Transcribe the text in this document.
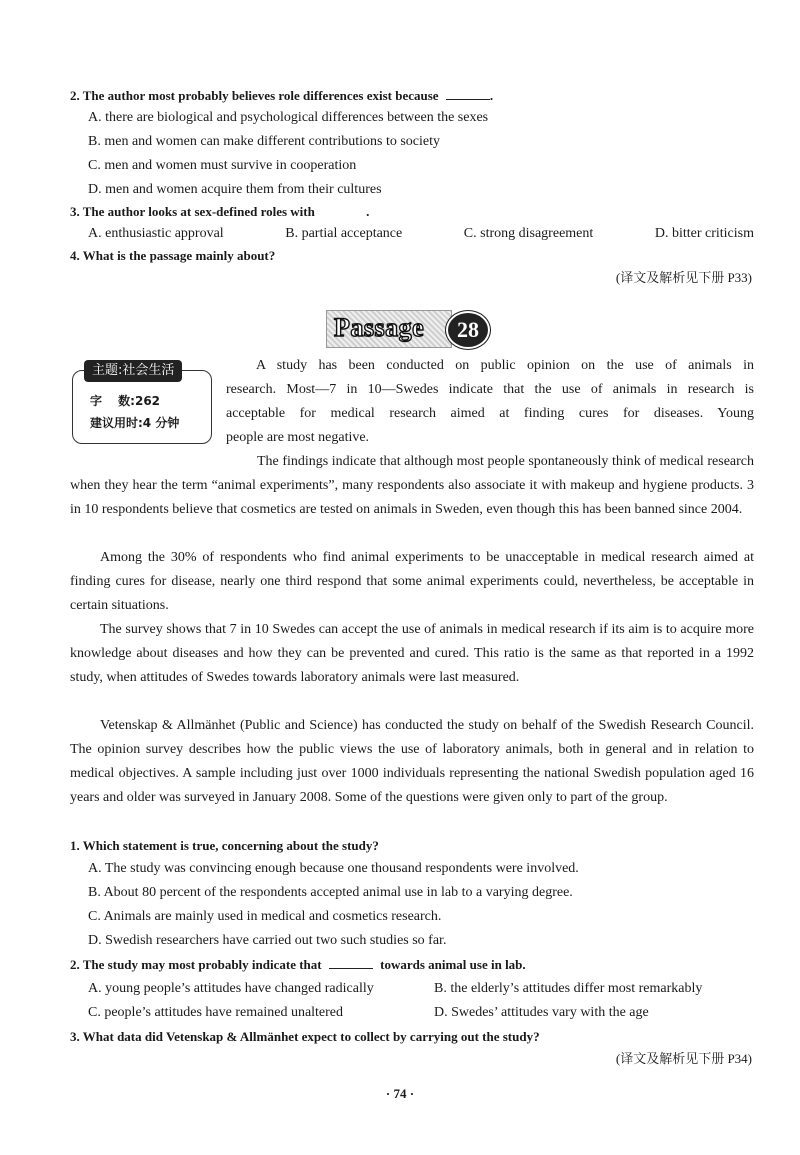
2. The author most probably believes role differences exist because	.
A. there are biological and psychological differences between the sexes
B. men and women can make different contributions to society
C. men and women must survive in cooperation
D. men and women acquire them from their cultures
3. The author looks at sex-defined roles with	.
A. enthusiastic approval	B. partial acceptance	C. strong disagreement	D. bitter criticism
4. What is the passage mainly about?
(译文及解析见下册 P33)
Passage	28
主题:社会生活
字　 数:262
建议用时:4 分钟
A study has been conducted on public opinion on the use of animals in
research. Most—7 in 10—Swedes indicate that the use of animals in research is
acceptable for medical research aimed at finding cures for diseases. Young
people are most negative.

The findings indicate that although most people spontaneously think of medical research when they hear the term “animal experiments”, many respondents also associate it with makeup and hygiene products. 3 in 10 respondents believe that cosmetics are tested on animals in Sweden, even though this has been banned since 2004.

Among the 30% of respondents who find animal experiments to be unacceptable in medical research aimed at finding cures for disease, nearly one third respond that some animal experiments could, nevertheless, be acceptable in certain situations.

The survey shows that 7 in 10 Swedes can accept the use of animals in medical research if its aim is to acquire more knowledge about diseases and how they can be prevented and cured. This ratio is the same as that reported in a 1992 study, when attitudes of Swedes towards laboratory animals were last measured.

Vetenskap & Allmänhet (Public and Science) has conducted the study on behalf of the Swedish Research Council. The opinion survey describes how the public views the use of laboratory animals, both in general and in relation to medical objectives. A sample including just over 1000 individuals representing the national Swedish population aged 16 years and older was surveyed in January 2008. Some of the questions were given only to part of the group.

1. Which statement is true, concerning about the study?
A. The study was convincing enough because one thousand respondents were involved.
B. About 80 percent of the respondents accepted animal use in lab to a varying degree.
C. Animals are mainly used in medical and cosmetics research.
D. Swedish researchers have carried out two such studies so far.
2. The study may most probably indicate that	towards animal use in lab.
A. young people’s attitudes have changed radically	B. the elderly’s attitudes differ most remarkably
C. people’s attitudes have remained unaltered	D. Swedes’ attitudes vary with the age
3. What data did Vetenskap & Allmänhet expect to collect by carrying out the study?
(译文及解析见下册 P34)
· 74 ·
